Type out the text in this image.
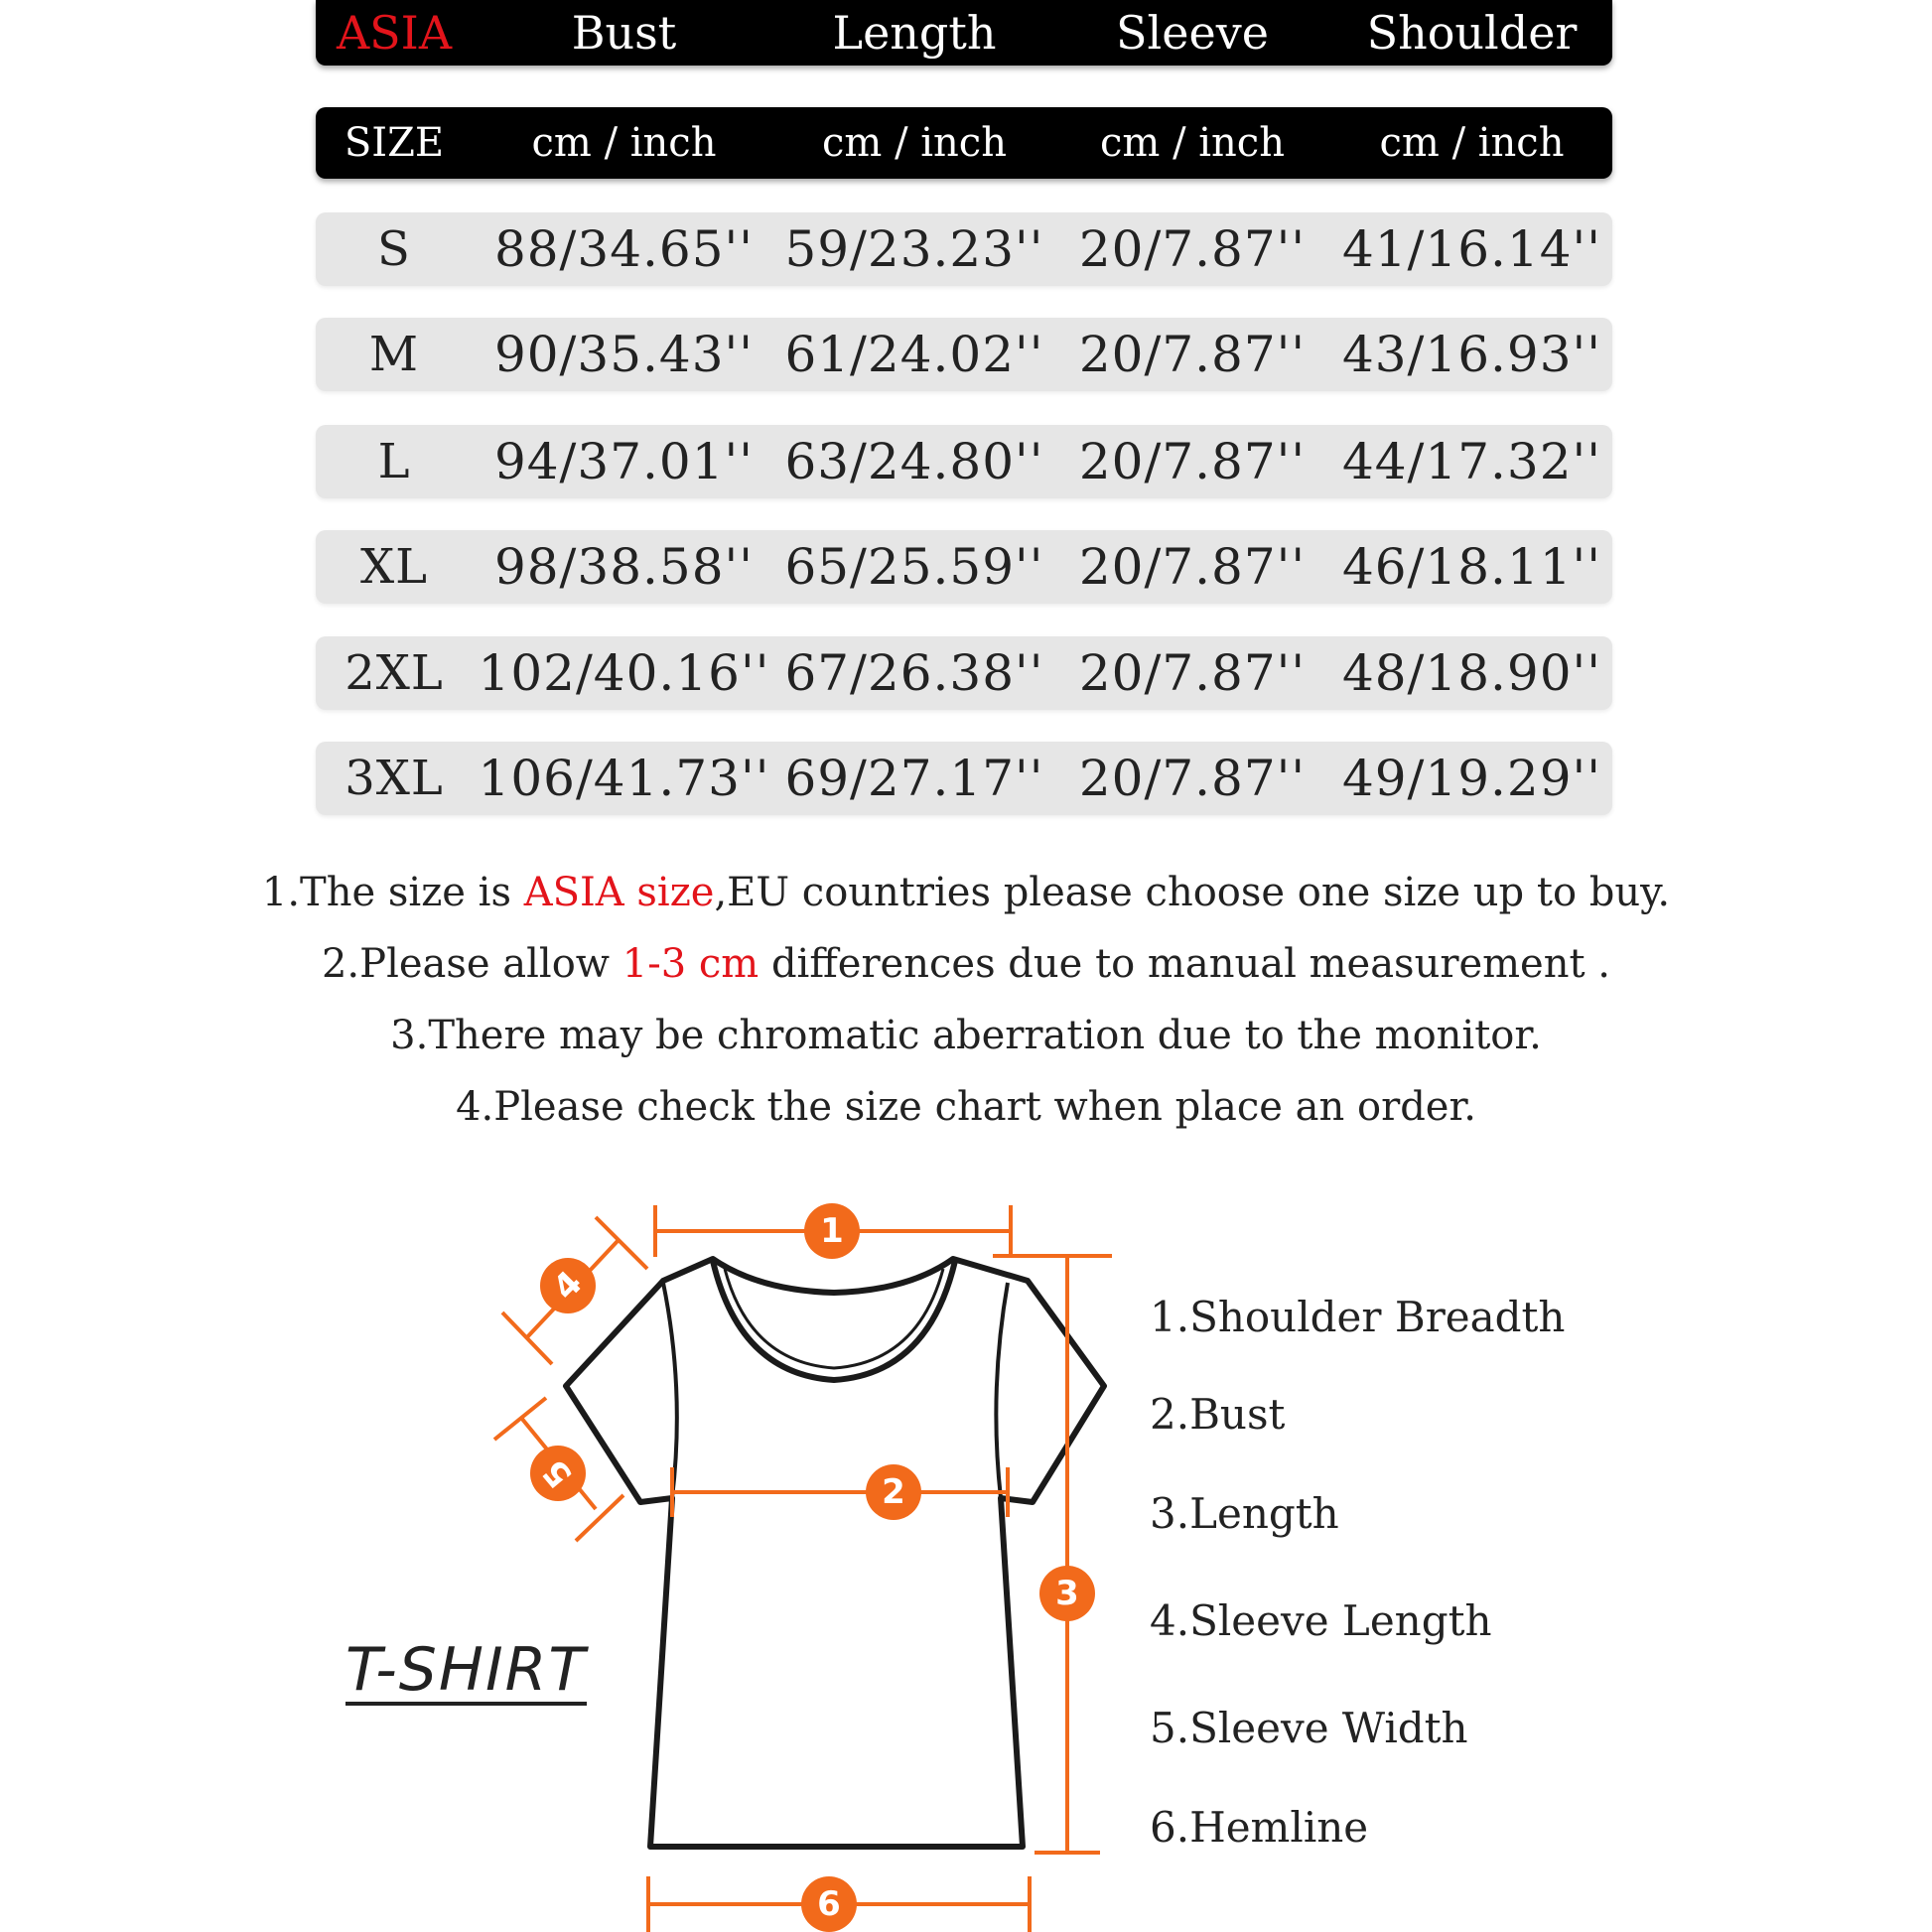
ASIA	Bust	Length	Sleeve	Shoulder
SIZE	cm / inch	cm / inch	cm / inch	cm / inch
S	88/34.65'' 59/23.23'' 20/7.87'' 41/16.14''
M	90/35.43'' 61/24.02'' 20/7.87'' 43/16.93''
L	94/37.01'' 63/24.80'' 20/7.87'' 44/17.32''
XL	98/38.58'' 65/25.59'' 20/7.87'' 46/18.11''
2XL 102/40.16'' 67/26.38'' 20/7.87'' 48/18.90''
3XL 106/41.73'' 69/27.17'' 20/7.87'' 49/19.29''
1.The size is ASIA size,EU countries please choose one size up to buy.
2.Please allow 1-3 cm differences due to manual measurement .
3.There may be chromatic aberration due to the monitor.
4.Please check the size chart when place an order.
1
2
3
4
5
6
T-SHIRT
1.Shoulder Breadth
2.Bust
3.Length
4.Sleeve Length
5.Sleeve Width
6.Hemline
